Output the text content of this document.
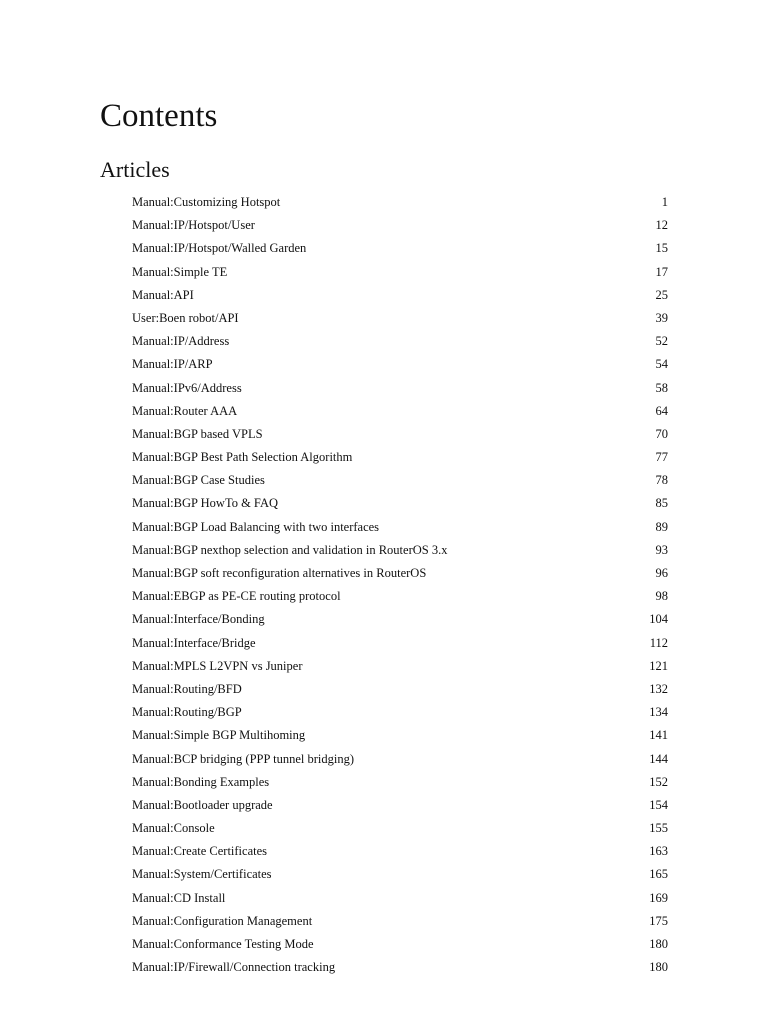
Contents
Articles
Manual:Customizing Hotspot	1
Manual:IP/Hotspot/User	12
Manual:IP/Hotspot/Walled Garden	15
Manual:Simple TE	17
Manual:API	25
User:Boen robot/API	39
Manual:IP/Address	52
Manual:IP/ARP	54
Manual:IPv6/Address	58
Manual:Router AAA	64
Manual:BGP based VPLS	70
Manual:BGP Best Path Selection Algorithm	77
Manual:BGP Case Studies	78
Manual:BGP HowTo & FAQ	85
Manual:BGP Load Balancing with two interfaces	89
Manual:BGP nexthop selection and validation in RouterOS 3.x	93
Manual:BGP soft reconfiguration alternatives in RouterOS	96
Manual:EBGP as PE-CE routing protocol	98
Manual:Interface/Bonding	104
Manual:Interface/Bridge	112
Manual:MPLS L2VPN vs Juniper	121
Manual:Routing/BFD	132
Manual:Routing/BGP	134
Manual:Simple BGP Multihoming	141
Manual:BCP bridging (PPP tunnel bridging)	144
Manual:Bonding Examples	152
Manual:Bootloader upgrade	154
Manual:Console	155
Manual:Create Certificates	163
Manual:System/Certificates	165
Manual:CD Install	169
Manual:Configuration Management	175
Manual:Conformance Testing Mode	180
Manual:IP/Firewall/Connection tracking	180
